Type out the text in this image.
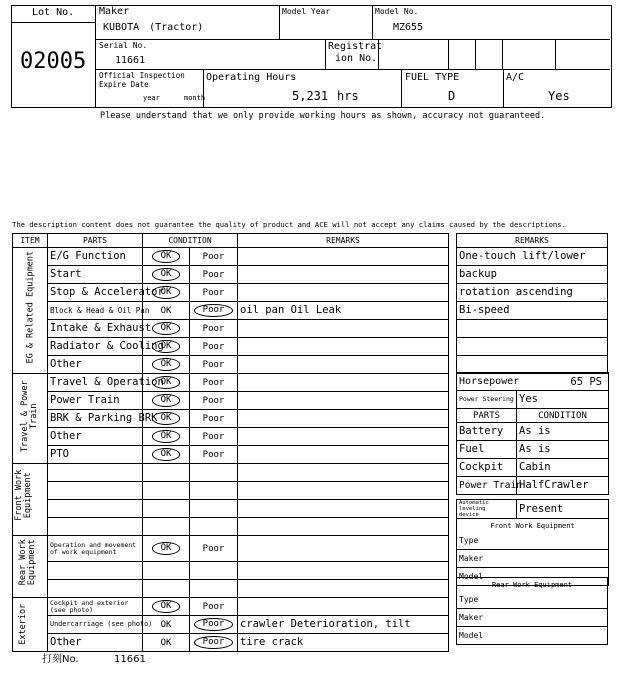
Lot No.
02005
Maker
KUBOTA　(Tractor)
Model Year	Model No.
MZ655
Serial No.
11661
Registrat
ion No.
Official Inspection
Expire Date
year	month
Operating Hours
5,231 hrs
FUEL TYPE
D
A/C
Yes
Please understand that we only provide working hours as shown, accuracy not guaranteed.
The description content does not guarantee the quality of product and ACE will not accept any claims caused by the descriptions.
ITEM	PARTS	CONDITION		REMARKS

EG & Related Equipment	E/G Function	OK	Poor	
	Start	OK	Poor	
	Stop & Accelerator	OK	Poor	
	Block & Head & Oil Pan	OK	Poor	oil pan Oil Leak
	Intake & Exhaust	OK	Poor	
	Radiator & Cooling	OK	Poor	
	Other	OK	Poor	

Travel & Power Train	Travel & Operation	OK	Poor	
	Power Train	OK	Poor	
	BRK & Parking BRK	OK	Poor	
	Other	OK	Poor	
	PTO	OK	Poor	

Front Work Equipment				

Rear Work Equipment	Operation and movement of work equipment	OK	Poor	

Exterior	Cockpit and exterior (see photo)	OK	Poor	
	Undercarriage (see photo)	OK	Poor	crawler Deterioration, tilt
	Other	OK	Poor	tire crack
REMARKS
One-touch lift/lower
backup
rotation ascending
Bi-speed

Horsepower 65 PS	

Power Steering	Yes
PARTS	CONDITION
Battery	As is
Fuel	As is
Cockpit	Cabin
Power Train	HalfCrawler
Automatic leveling
device	Present
Front Work Equipment
Type
Maker
Model
Rear Work Equipment
Type
Maker
Model
打刻No.	11661
